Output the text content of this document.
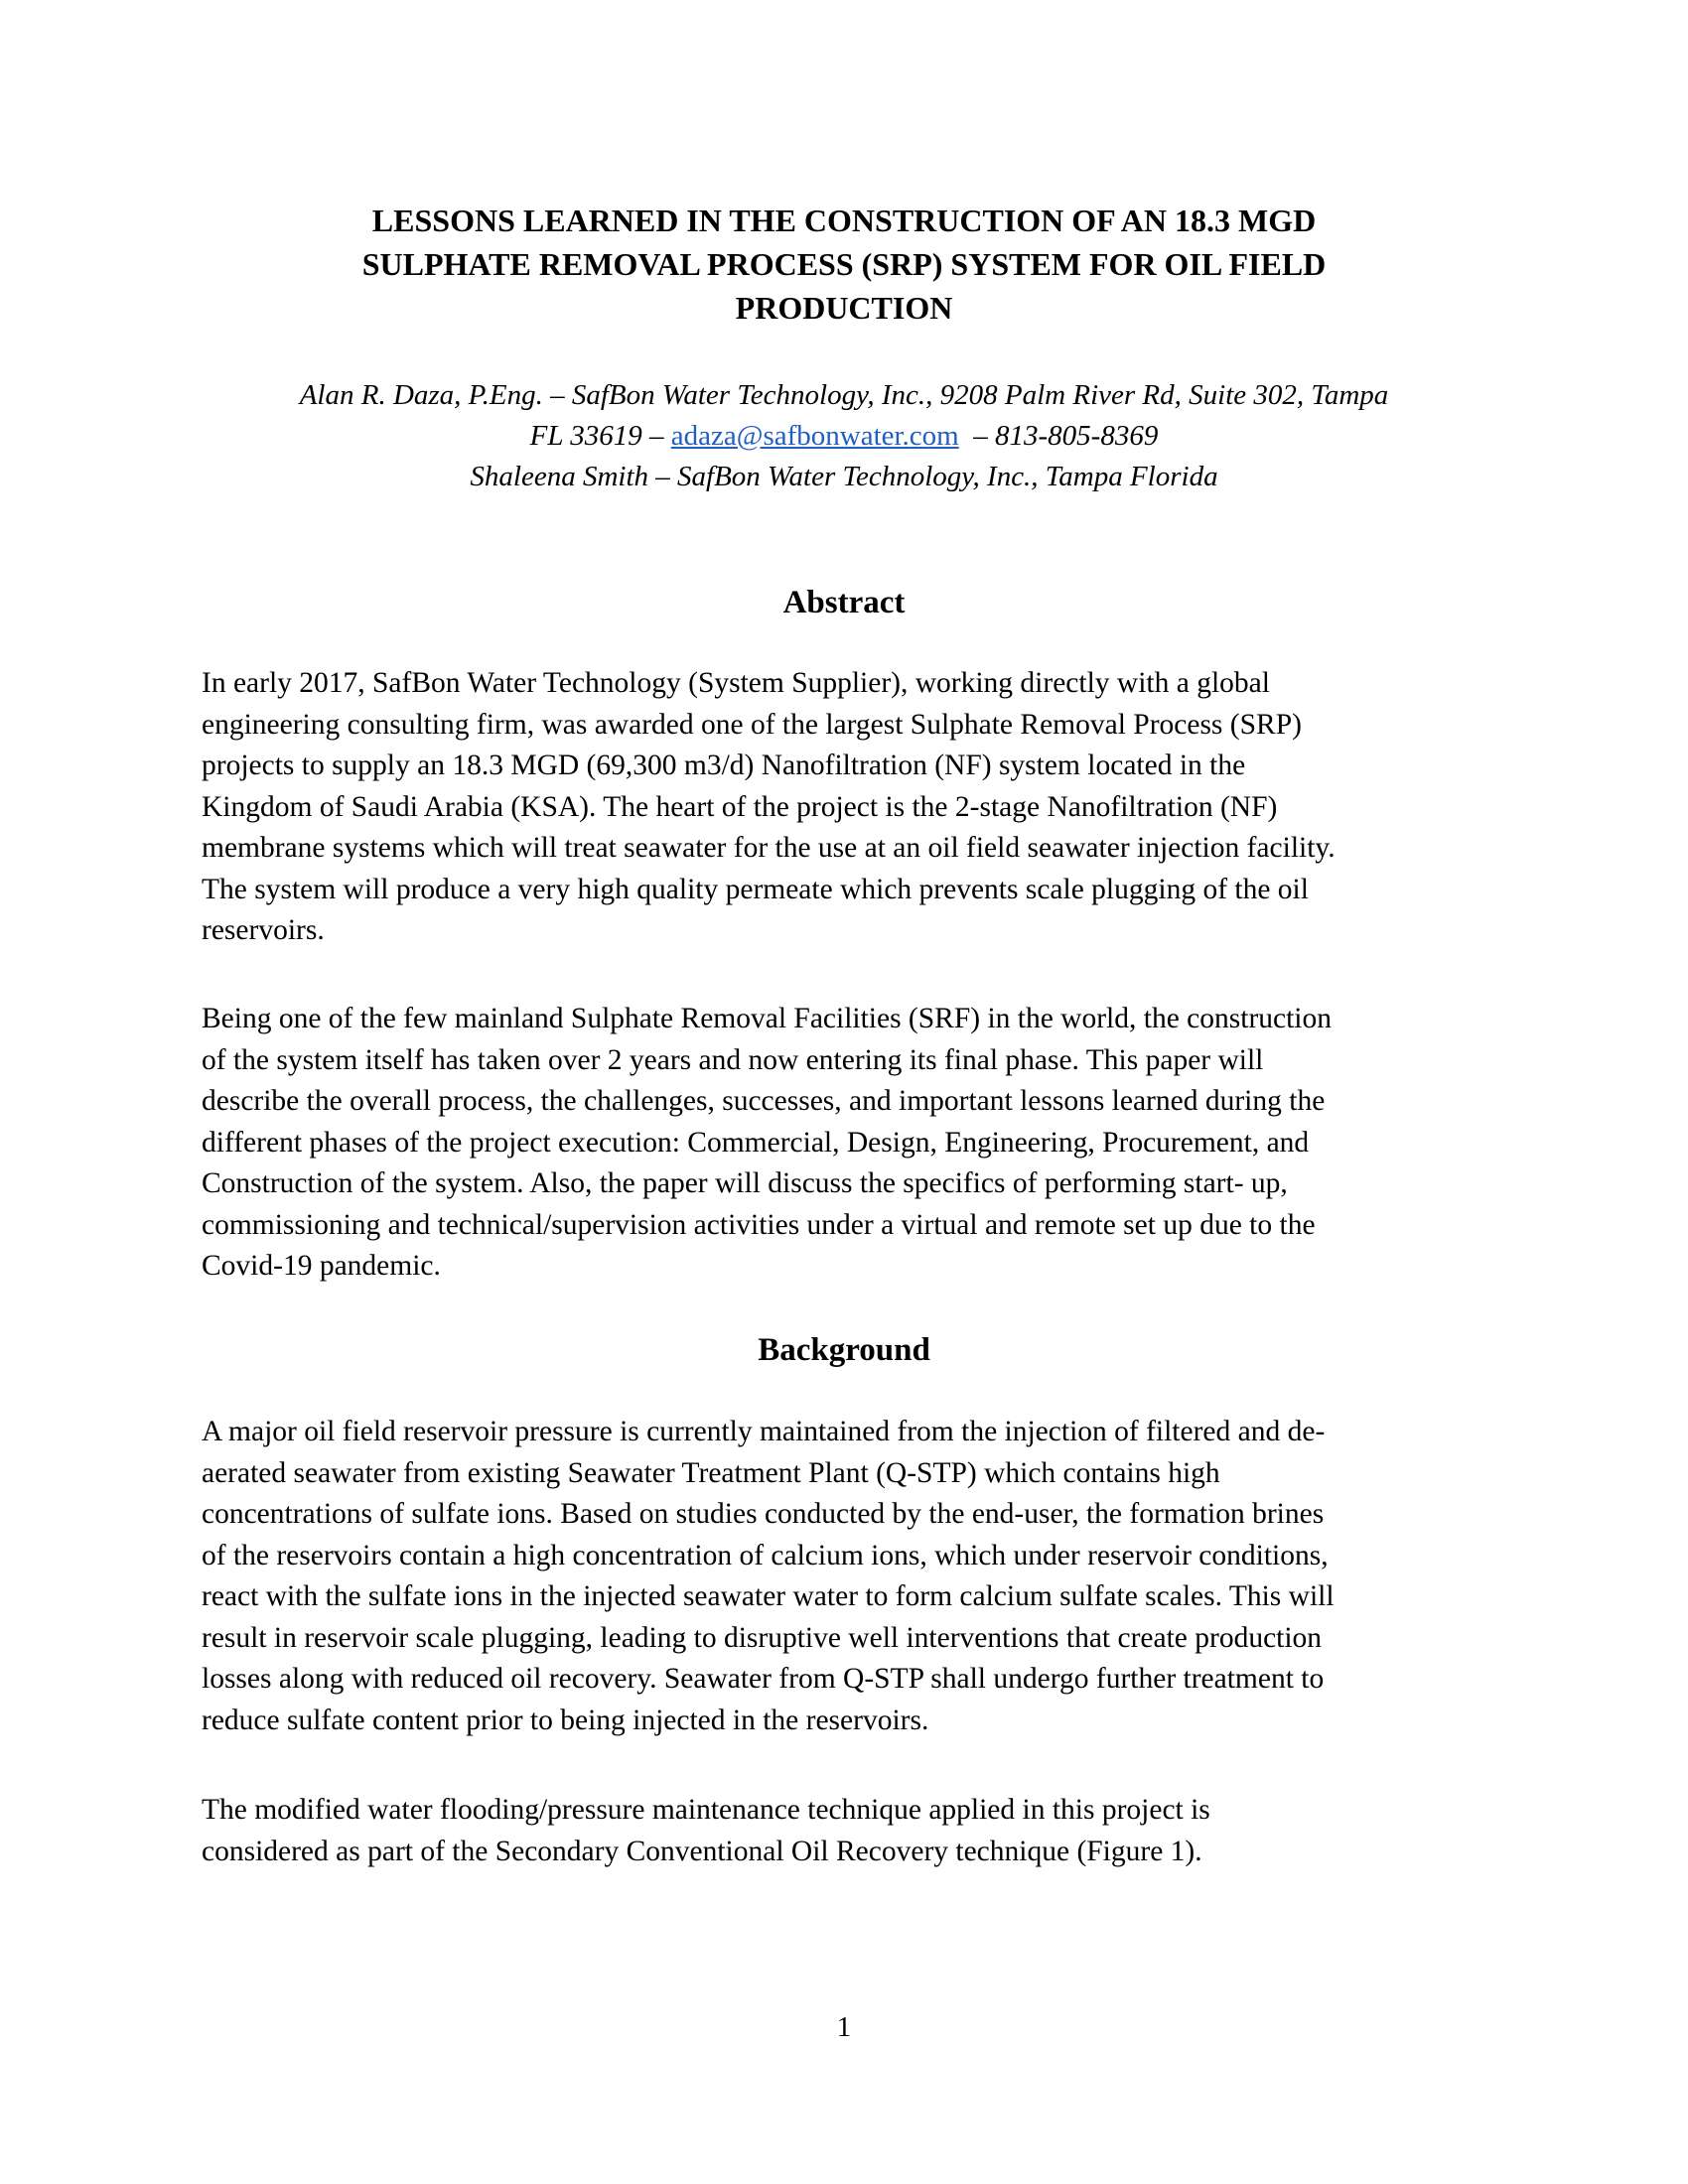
LESSONS LEARNED IN THE CONSTRUCTION OF AN 18.3 MGD
SULPHATE REMOVAL PROCESS (SRP) SYSTEM FOR OIL FIELD
PRODUCTION
Alan R. Daza, P.Eng. – SafBon Water Technology, Inc., 9208 Palm River Rd, Suite 302, Tampa
FL 33619 – adaza@safbonwater.com  – 813-805-8369
Shaleena Smith – SafBon Water Technology, Inc., Tampa Florida
Abstract
In early 2017, SafBon Water Technology (System Supplier), working directly with a global
engineering consulting firm, was awarded one of the largest Sulphate Removal Process (SRP)
projects to supply an 18.3 MGD (69,300 m3/d) Nanofiltration (NF) system located in the
Kingdom of Saudi Arabia (KSA). The heart of the project is the 2-stage Nanofiltration (NF)
membrane systems which will treat seawater for the use at an oil field seawater injection facility.
The system will produce a very high quality permeate which prevents scale plugging of the oil
reservoirs.
Being one of the few mainland Sulphate Removal Facilities (SRF) in the world, the construction
of the system itself has taken over 2 years and now entering its final phase. This paper will
describe the overall process, the challenges, successes, and important lessons learned during the
different phases of the project execution: Commercial, Design, Engineering, Procurement, and
Construction of the system. Also, the paper will discuss the specifics of performing start- up,
commissioning and technical/supervision activities under a virtual and remote set up due to the
Covid-19 pandemic.
Background
A major oil field reservoir pressure is currently maintained from the injection of filtered and de-
aerated seawater from existing Seawater Treatment Plant (Q-STP) which contains high
concentrations of sulfate ions. Based on studies conducted by the end-user, the formation brines
of the reservoirs contain a high concentration of calcium ions, which under reservoir conditions,
react with the sulfate ions in the injected seawater water to form calcium sulfate scales. This will
result in reservoir scale plugging, leading to disruptive well interventions that create production
losses along with reduced oil recovery. Seawater from Q-STP shall undergo further treatment to
reduce sulfate content prior to being injected in the reservoirs.
The modified water flooding/pressure maintenance technique applied in this project is
considered as part of the Secondary Conventional Oil Recovery technique (Figure 1).
1
